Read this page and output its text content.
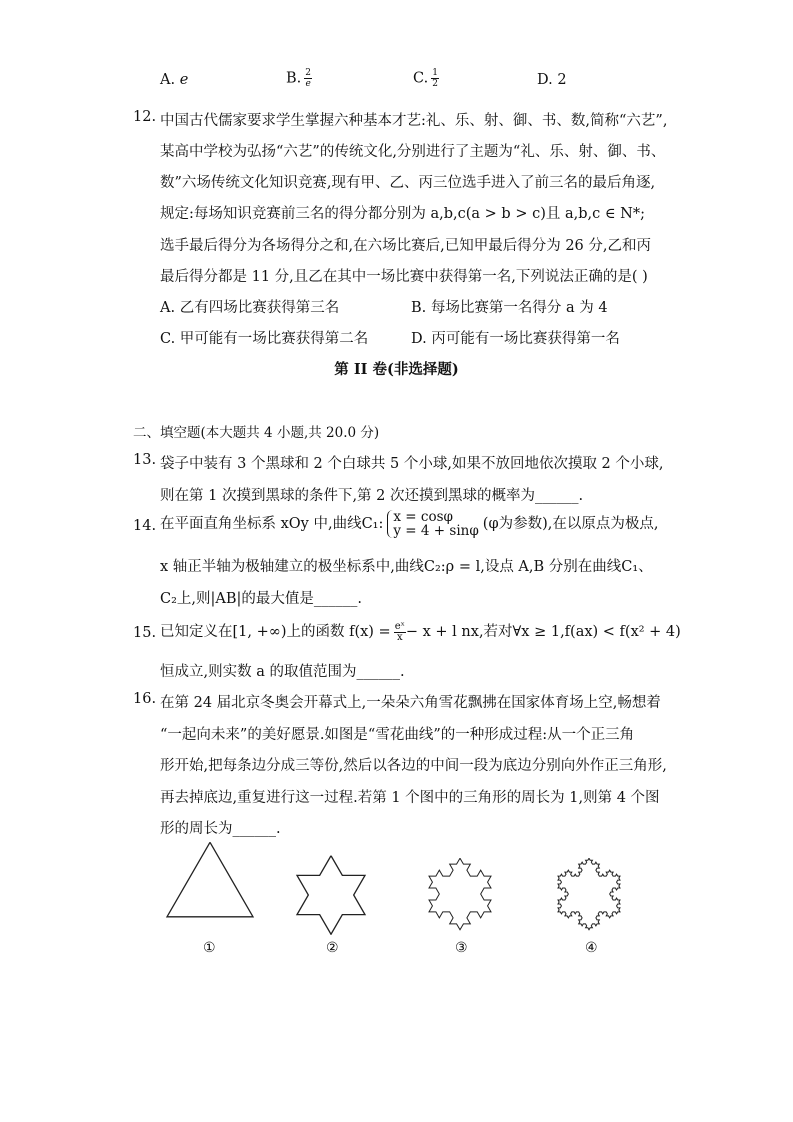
A. e	B. $\frac{2}{e}$	C. $\frac{1}{2}$	D. 2
12. 中国古代儒家要求学生掌握六种基本才艺:礼、乐、射、御、书、数,简称“六艺”,
某高中学校为弘扬“六艺”的传统文化,分别进行了主题为“礼、乐、射、御、书、
数”六场传统文化知识竞赛,现有甲、乙、丙三位选手进入了前三名的最后角逐,
规定:每场知识竞赛前三名的得分都分别为 a,b,c(a > b > c)且 a,b,c ∈ N*;
选手最后得分为各场得分之和,在六场比赛后,已知甲最后得分为 26 分,乙和丙
最后得分都是 11 分,且乙在其中一场比赛中获得第一名,下列说法正确的是( )
A. 乙有四场比赛获得第三名	B. 每场比赛第一名得分 a 为 4
C. 甲可能有一场比赛获得第二名	D. 丙可能有一场比赛获得第一名
第 II 卷(非选择题)
二、填空题(本大题共 4 小题,共 20.0 分)
13. 袋子中装有 3 个黑球和 2 个白球共 5 个小球,如果不放回地依次摸取 2 个小球,
则在第 1 次摸到黑球的条件下,第 2 次还摸到黑球的概率为______.
14. 在平面直角坐标系 xOy 中,曲线C₁: x = cosφ
y = 4 + sinφ (φ为参数),在以原点为极点,
x 轴正半轴为极轴建立的极坐标系中,曲线C₂:ρ = l,设点 A,B 分别在曲线C₁、
C₂上,则|AB|的最大值是______.
15. 已知定义在[1, +∞)上的函数 $f(x) = \frac{\text{eˣ}}{x} - x + l$ nx,若对∀x ≥ 1,f(ax) < f(x² + 4)
恒成立,则实数 a 的取值范围为______.
16. 在第 24 届北京冬奥会开幕式上,一朵朵六角雪花飘拂在国家体育场上空,畅想着
“一起向未来”的美好愿景.如图是“雪花曲线”的一种形成过程:从一个正三角
形开始,把每条边分成三等份,然后以各边的中间一段为底边分别向外作正三角形,
再去掉底边,重复进行这一过程.若第 1 个图中的三角形的周长为 1,则第 4 个图
形的周长为______.
①	②	③	④
